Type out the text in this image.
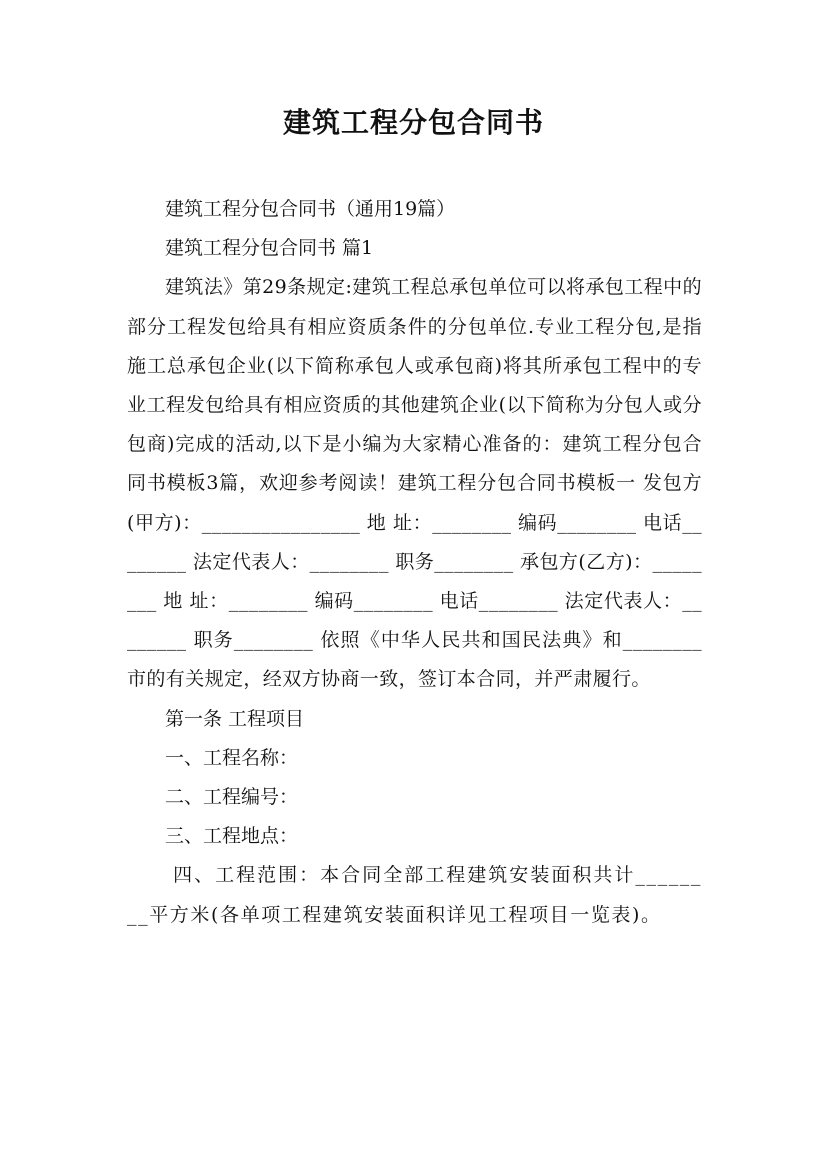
建筑工程分包合同书

建筑工程分包合同书（通用19篇）

建筑工程分包合同书 篇1

建筑法》第29条规定:建筑工程总承包单位可以将承包工程中的部分工程发包给具有相应资质条件的分包单位.专业工程分包,是指施工总承包企业(以下简称承包人或承包商)将其所承包工程中的专业工程发包给具有相应资质的其他建筑企业(以下简称为分包人或分包商)完成的活动,以下是小编为大家精心准备的：建筑工程分包合同书模板3篇，欢迎参考阅读！建筑工程分包合同书模板一 发包方(甲方)：________________ 地 址：________ 编码________ 电话________ 法定代表人：________ 职务________ 承包方(乙方)：________ 地 址：________ 编码________ 电话________ 法定代表人：________ 职务________ 依照《中华人民共和国民法典》和________市的有关规定，经双方协商一致，签订本合同，并严肃履行。

第一条 工程项目

一、工程名称：

二、工程编号：

三、工程地点：

四、工程范围：本合同全部工程建筑安装面积共计________平方米(各单项工程建筑安装面积详见工程项目一览表)。
